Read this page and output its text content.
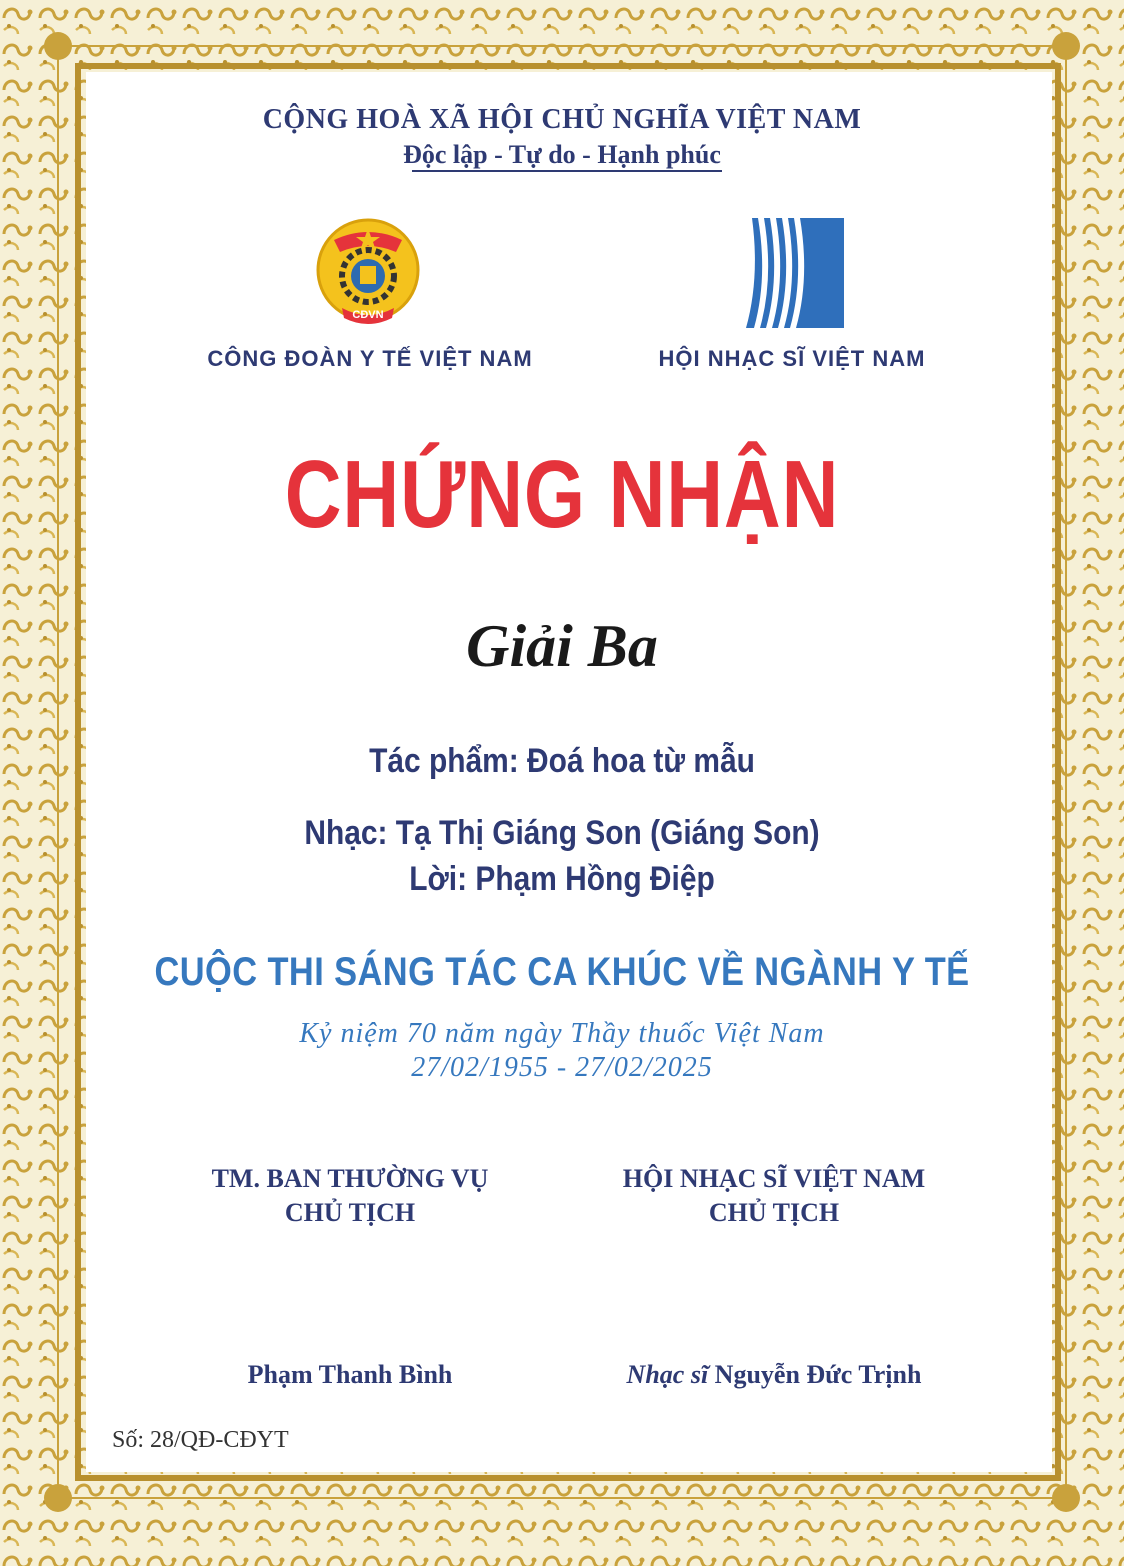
CỘNG HOÀ XÃ HỘI CHỦ NGHĨA VIỆT NAM
Độc lập - Tự do - Hạnh phúc
CĐVN
CÔNG ĐOÀN Y TẾ VIỆT NAM	HỘI NHẠC SĨ VIỆT NAM
CHỨNG NHẬN
Giải Ba
Tác phẩm: Đoá hoa từ mẫu
Nhạc: Tạ Thị Giáng Son (Giáng Son)
Lời: Phạm Hồng Điệp
CUỘC THI SÁNG TÁC CA KHÚC VỀ NGÀNH Y TẾ
Kỷ niệm 70 năm ngày Thầy thuốc Việt Nam
27/02/1955 - 27/02/2025
TM. BAN THƯỜNG VỤ
CHỦ TỊCH
HỘI NHẠC SĨ VIỆT NAM
CHỦ TỊCH
Phạm Thanh Bình	Nhạc sĩ Nguyễn Đức Trịnh
Số: 28/QĐ-CĐYT
